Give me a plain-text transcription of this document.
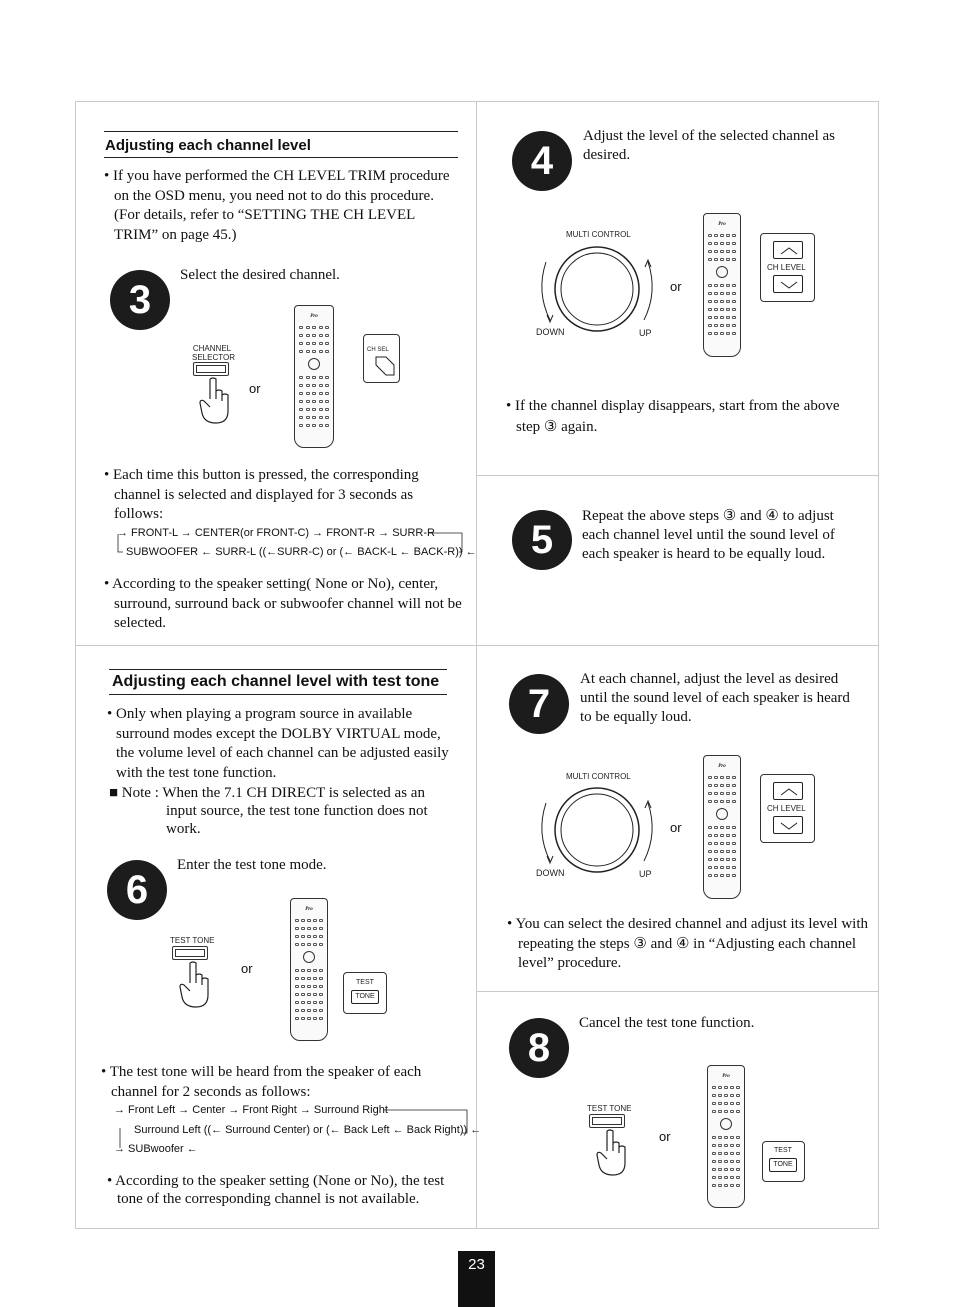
Adjusting each channel level
• If you have performed the CH LEVEL TRIM procedure on the OSD menu, you need not to do this procedure. (For details, refer to “SETTING THE CH LEVEL TRIM” on page 45.)
3
Select the desired channel.
CHANNEL
SELECTOR
or
Pro
CH SEL
• Each time this button is pressed, the corresponding channel is selected and displayed for 3 seconds as follows:
→ FRONT-L → CENTER(or FRONT-C) → FRONT-R → SURR-R
SUBWOOFER ← SURR-L ((←SURR-C) or (← BACK-L ← BACK-R)) ←
• According to the speaker setting( None or No), center, surround, surround back or subwoofer channel will not be selected.
4
Adjust the level of the selected channel as desired.
MULTI CONTROL
DOWN	UP
or
Pro
CH LEVEL
• If the channel display disappears, start from the above step ③ again.
5
Repeat the above steps ③ and ④ to adjust each channel level until the sound level of each speaker is heard to be equally loud.
Adjusting each channel level with test tone
• Only when playing a program source in available surround modes except the DOLBY VIRTUAL mode, the volume level of each channel can be adjusted easily with the test tone function.
■ Note : When the 7.1 CH DIRECT is selected as an input source, the test tone function does not work.
6
Enter the test tone mode.
TEST TONE
or
Pro
TEST
TONE
• The test tone will be heard from the speaker of each channel for 2 seconds as follows:
→ Front Left → Center → Front Right → Surround Right
Surround Left ((← Surround Center) or (← Back Left ← Back Right)) ←
→ SUBwoofer ←
• According to the speaker setting (None or No), the test tone of the corresponding channel is not available.
7
At each channel, adjust the level as desired until the sound level of each speaker is heard to be equally loud.
MULTI CONTROL
DOWN	UP
or
Pro
CH LEVEL
• You can select the desired channel and adjust its level with repeating the steps ③ and ④ in “Adjusting each channel level” procedure.
8
Cancel the test tone function.
TEST TONE
or
Pro
TEST
TONE
23
